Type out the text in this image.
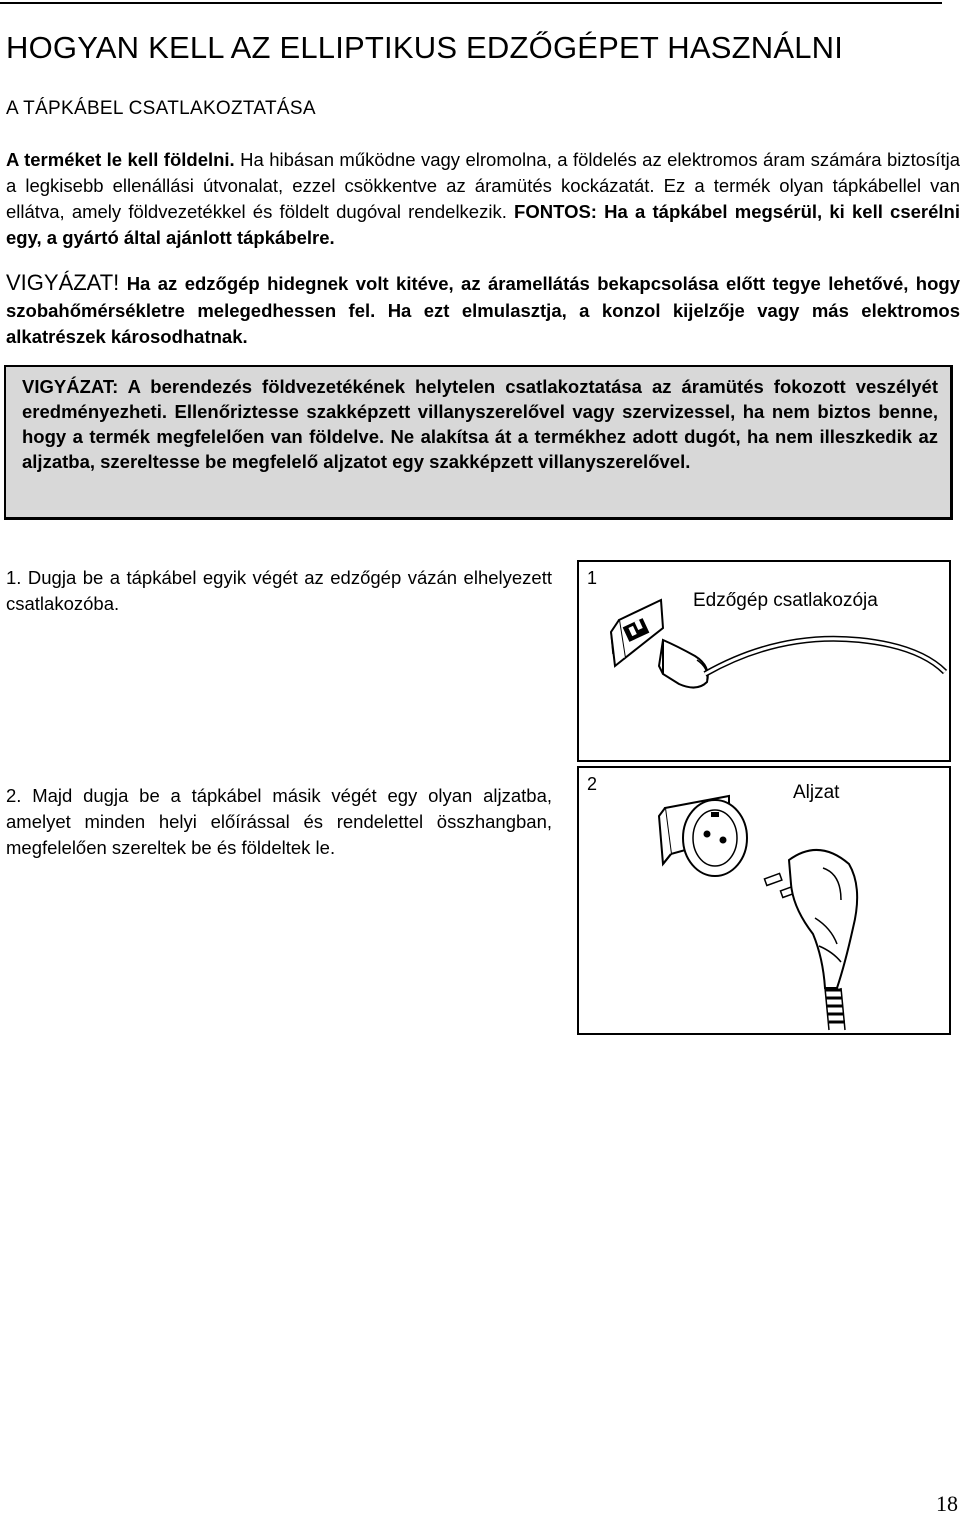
HOGYAN KELL AZ ELLIPTIKUS EDZŐGÉPET HASZNÁLNI
A TÁPKÁBEL CSATLAKOZTATÁSA

A terméket le kell földelni. Ha hibásan működne vagy elromolna, a földelés az elektromos áram számára biztosítja a legkisebb ellenállási útvonalat, ezzel csökkentve az áramütés kockázatát. Ez a termék olyan tápkábellel van ellátva, amely földvezetékkel és földelt dugóval rendelkezik. FONTOS: Ha a tápkábel megsérül, ki kell cserélni egy, a gyártó által ajánlott tápkábelre.

VIGYÁZAT! Ha az edzőgép hidegnek volt kitéve, az áramellátás bekapcsolása előtt tegye lehetővé, hogy szobahőmérsékletre melegedhessen fel. Ha ezt elmulasztja, a konzol kijelzője vagy más elektromos alkatrészek károsodhatnak.

VIGYÁZAT: A berendezés földvezetékének helytelen csatlakoztatása az áramütés fokozott veszélyét eredményezheti. Ellenőriztesse szakképzett villanyszerelővel vagy szervizessel, ha nem biztos benne, hogy a termék megfelelően van földelve. Ne alakítsa át a termékhez adott dugót, ha nem illeszkedik az aljzatba, szereltesse be megfelelő aljzatot egy szakképzett villanyszerelővel.

1. Dugja be a tápkábel egyik végét az edzőgép vázán elhelyezett csatlakozóba.

2. Majd dugja be a tápkábel másik végét egy olyan aljzatba, amelyet minden helyi előírással és rendelettel összhangban, megfelelően szereltek be és földeltek le.

1
Edzőgép csatlakozója
2	Aljzat
18
